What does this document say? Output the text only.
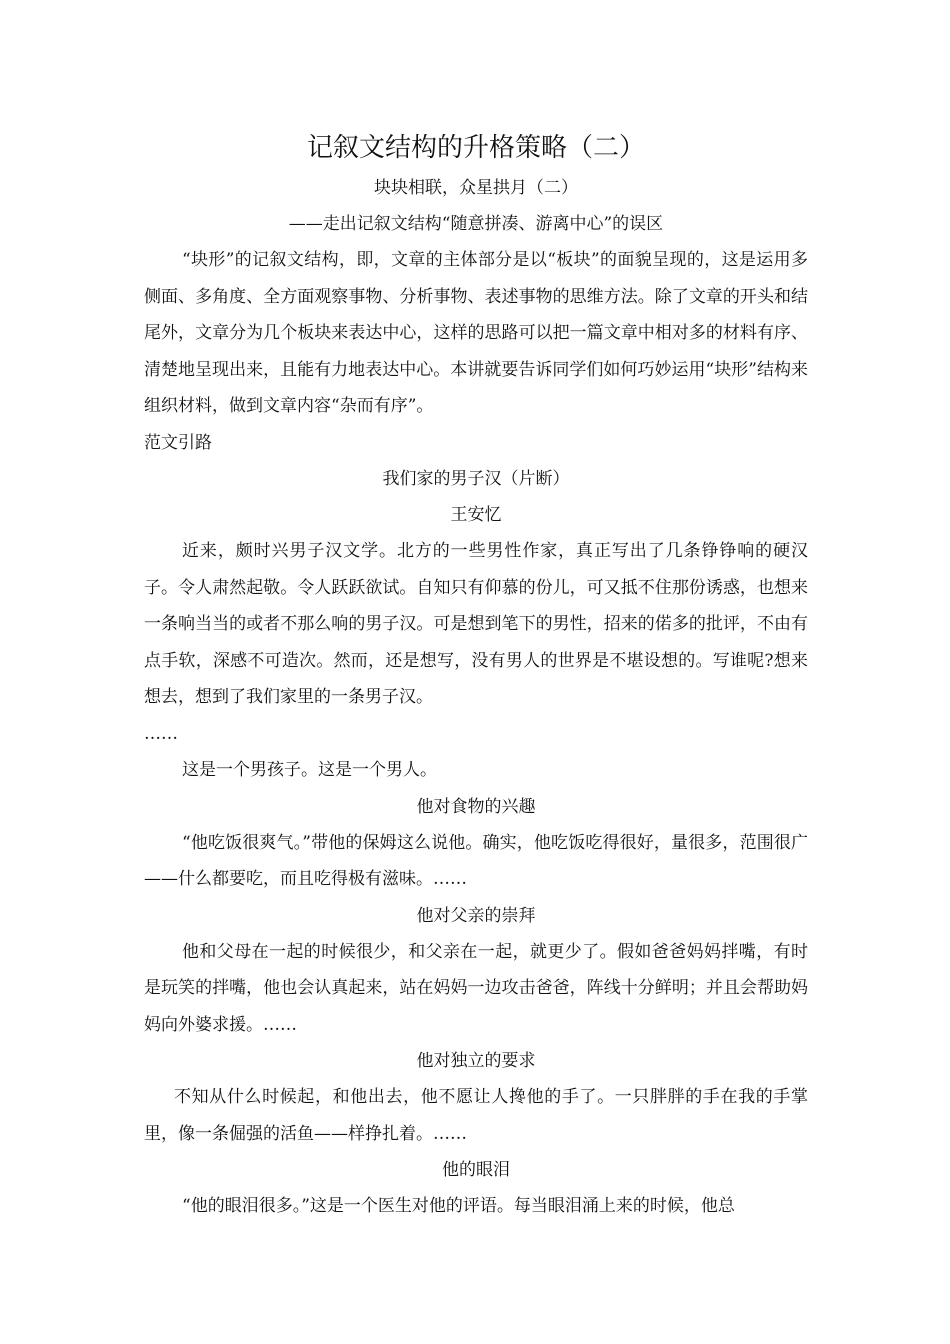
记叙文结构的升格策略（二）
块块相联，众星拱月（二）
——走出记叙文结构“随意拼凑、游离中心”的误区

“块形”的记叙文结构，即，文章的主体部分是以“板块”的面貌呈现的，这是运用多侧面、多角度、全方面观察事物、分析事物、表述事物的思维方法。除了文章的开头和结尾外，文章分为几个板块来表达中心，这样的思路可以把一篇文章中相对多的材料有序、清楚地呈现出来，且能有力地表达中心。本讲就要告诉同学们如何巧妙运用“块形”结构来组织材料，做到文章内容“杂而有序”。

范文引路
我们家的男子汉（片断）
王安忆

近来，颇时兴男子汉文学。北方的一些男性作家，真正写出了几条铮铮响的硬汉子。令人肃然起敬。令人跃跃欲试。自知只有仰慕的份儿，可又抵不住那份诱惑，也想来一条响当当的或者不那么响的男子汉。可是想到笔下的男性，招来的偌多的批评，不由有点手软，深感不可造次。然而，还是想写，没有男人的世界是不堪设想的。写谁呢?想来想去，想到了我们家里的一条男子汉。

……

这是一个男孩子。这是一个男人。

他对食物的兴趣

“他吃饭很爽气。”带他的保姆这么说他。确实，他吃饭吃得很好，量很多，范围很广——什么都要吃，而且吃得极有滋味。……

他对父亲的崇拜

他和父母在一起的时候很少，和父亲在一起，就更少了。假如爸爸妈妈拌嘴，有时是玩笑的拌嘴，他也会认真起来，站在妈妈一边攻击爸爸，阵线十分鲜明；并且会帮助妈妈向外婆求援。……

他对独立的要求

不知从什么时候起，和他出去，他不愿让人搀他的手了。一只胖胖的手在我的手掌里，像一条倔强的活鱼——样挣扎着。……

他的眼泪

“他的眼泪很多。”这是一个医生对他的评语。每当眼泪涌上来的时候，他总
